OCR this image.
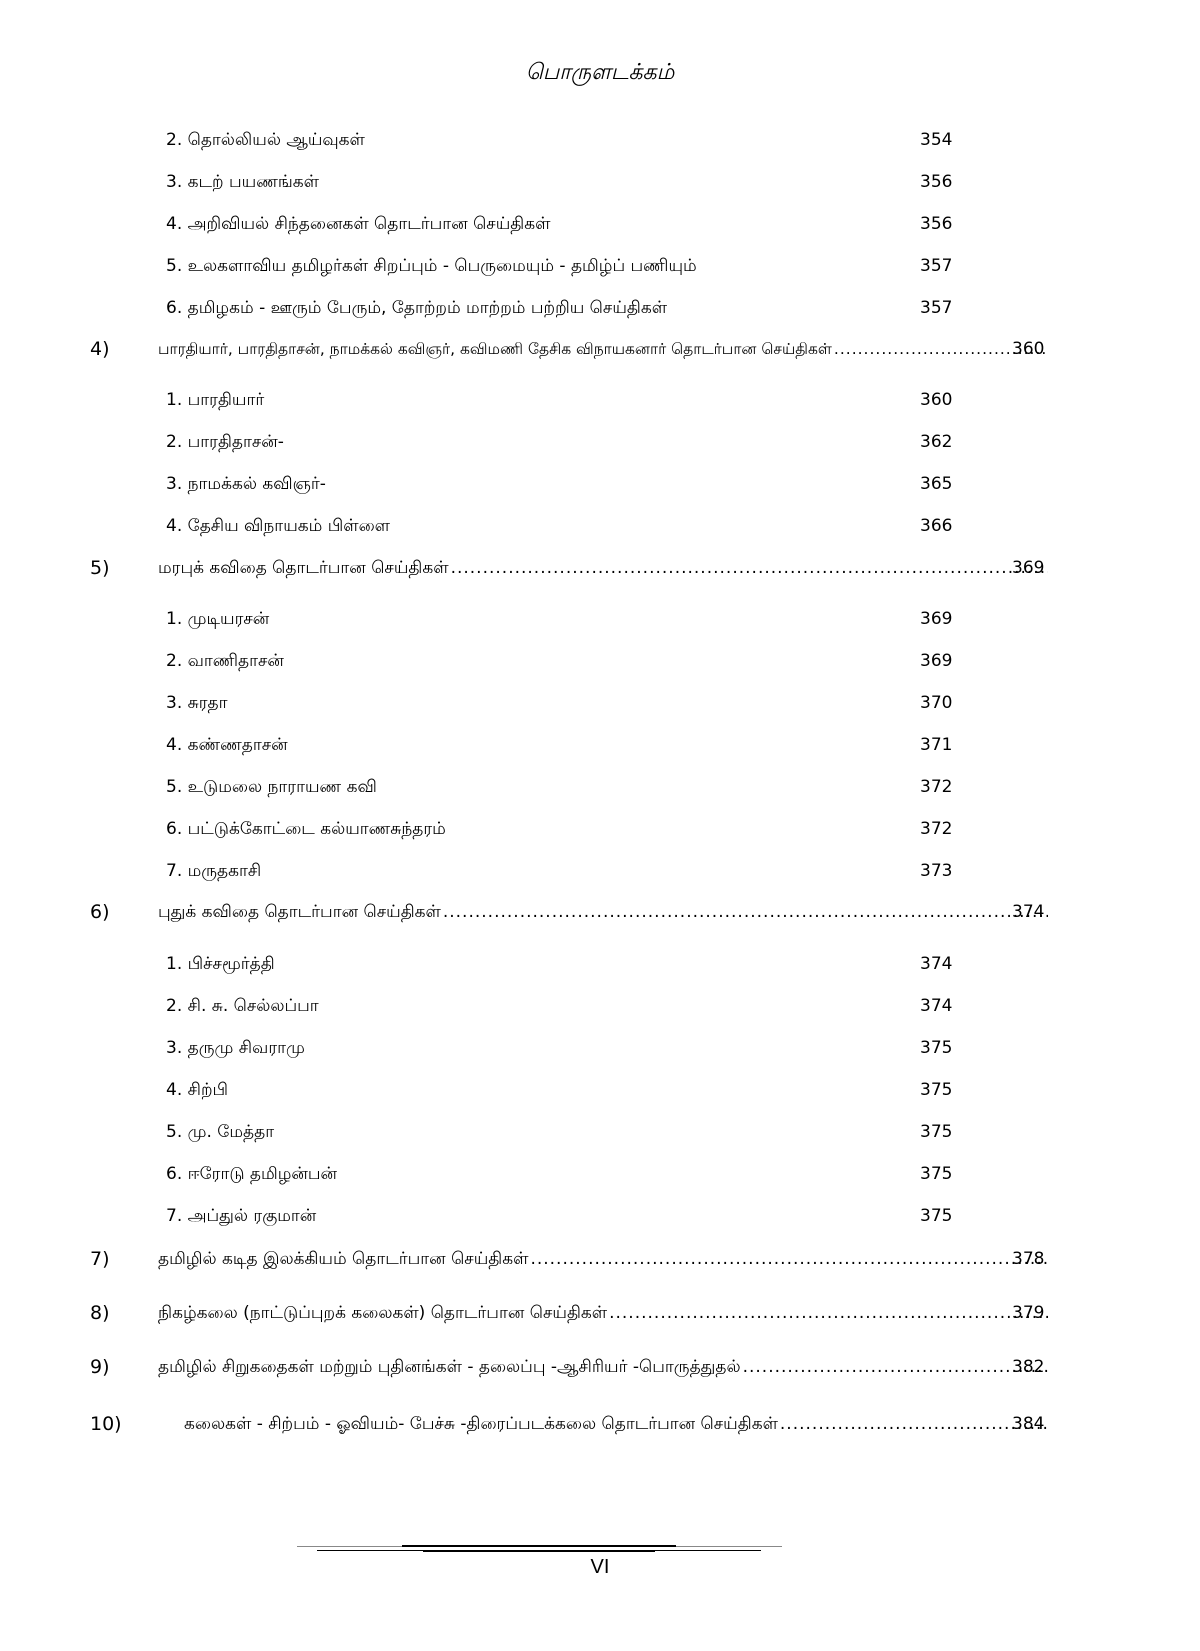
பொருளடக்கம்
2. தொல்லியல் ஆய்வுகள்	354
3. கடற் பயணங்கள்	356
4. அறிவியல் சிந்தனைகள் தொடர்பான செய்திகள்	356
5. உலகளாவிய தமிழர்கள் சிறப்பும் - பெருமையும் - தமிழ்ப் பணியும்	357
6. தமிழகம் - ஊரும் பேரும், தோற்றம் மாற்றம் பற்றிய செய்திகள்	357
4)	பாரதியார், பாரதிதாசன், நாமக்கல் கவிஞர், கவிமணி தேசிக விநாயகனார் தொடர்பான செய்திகள் .....	360
1. பாரதியார்	360
2. பாரதிதாசன்-	362
3. நாமக்கல் கவிஞர்-	365
4. தேசிய விநாயகம் பிள்ளை	366
5)	மரபுக் கவிதை தொடர்பான செய்திகள் .....	369
1. முடியரசன்	369
2. வாணிதாசன்	369
3. சுரதா	370
4. கண்ணதாசன்	371
5. உடுமலை நாராயண கவி	372
6. பட்டுக்கோட்டை கல்யாணசுந்தரம்	372
7. மருதகாசி	373
6)	புதுக் கவிதை தொடர்பான செய்திகள் .....	374
1. பிச்சமூர்த்தி	374
2. சி. சு. செல்லப்பா	374
3. தருமு சிவராமு	375
4. சிற்பி	375
5. மு. மேத்தா	375
6. ஈரோடு தமிழன்பன்	375
7. அப்துல் ரகுமான்	375
7)	தமிழில் கடித இலக்கியம் தொடர்பான செய்திகள் .....	378
8)	நிகழ்கலை (நாட்டுப்புறக் கலைகள்) தொடர்பான செய்திகள் .....	379
9)	தமிழில் சிறுகதைகள் மற்றும் புதினங்கள் - தலைப்பு -ஆசிரியர் -பொருத்துதல் .....	382
10)	கலைகள் - சிற்பம் - ஓவியம்- பேச்சு -திரைப்படக்கலை தொடர்பான செய்திகள் .....	384
VI
